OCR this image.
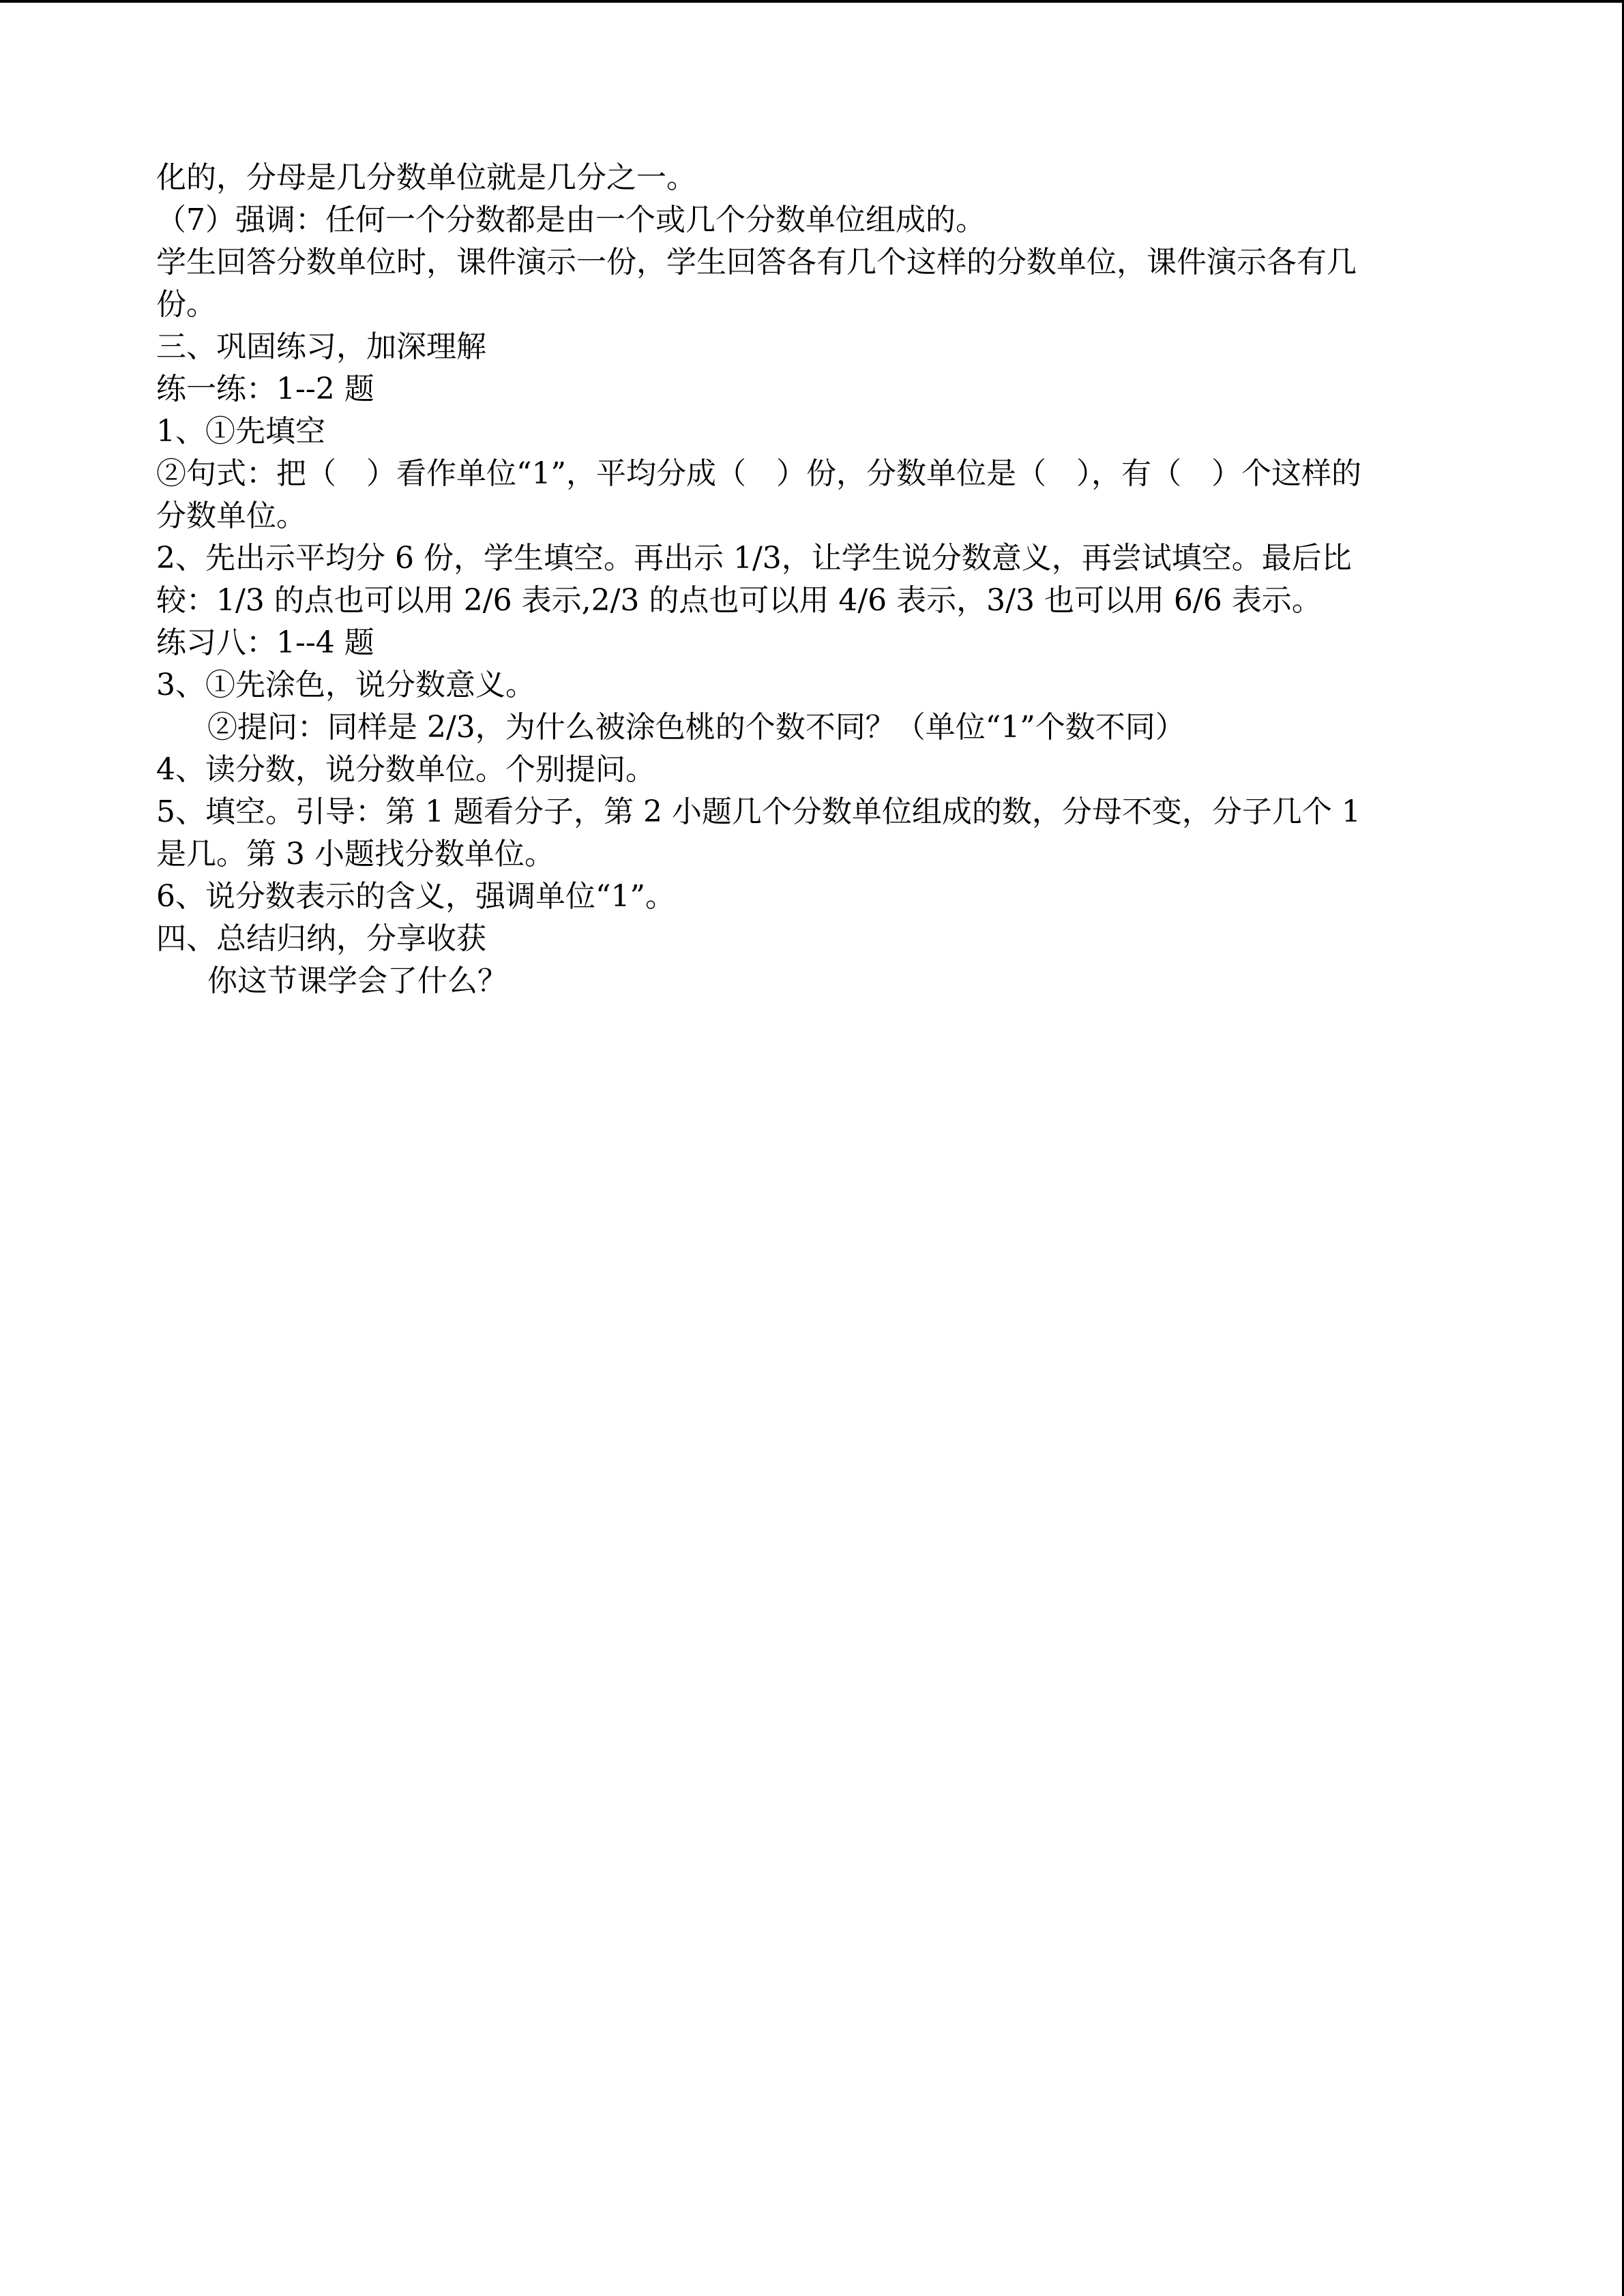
化的，分母是几分数单位就是几分之一。
（7）强调：任何一个分数都是由一个或几个分数单位组成的。
学生回答分数单位时，课件演示一份，学生回答各有几个这样的分数单位，课件演示各有几
份。
三、巩固练习，加深理解
练一练：1--2 题
1、①先填空
②句式：把（　）看作单位“1”，平均分成（　）份，分数单位是（　），有（　）个这样的
分数单位。
2、先出示平均分 6 份，学生填空。再出示 1/3，让学生说分数意义，再尝试填空。最后比
较：1/3 的点也可以用 2/6 表示,2/3 的点也可以用 4/6 表示，3/3 也可以用 6/6 表示。
练习八：1--4 题
3、①先涂色，说分数意义。
②提问：同样是 2/3，为什么被涂色桃的个数不同？（单位“1”个数不同）
4、读分数，说分数单位。个别提问。
5、填空。引导：第 1 题看分子，第 2 小题几个分数单位组成的数，分母不变，分子几个 1
是几。第 3 小题找分数单位。
6、说分数表示的含义，强调单位“1”。
四、总结归纳，分享收获
你这节课学会了什么？
